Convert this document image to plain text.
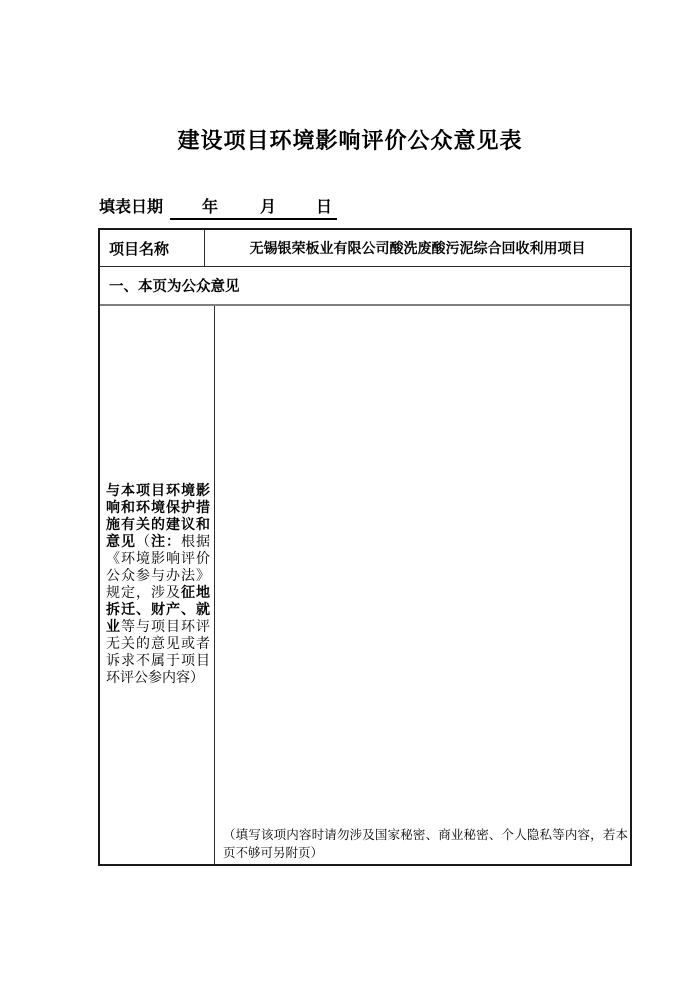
建设项目环境影响评价公众意见表
填表日期 年	月	日
项目名称	无锡银荣板业有限公司酸洗废酸污泥综合回收利用项目
一、本页为公众意见

与本项目环境影响和环境保护措施有关的建议和意见（注：根据《环境影响评价公众参与办法》规定，涉及征地拆迁、财产、就业等与项目环评无关的意见或者诉求不属于项目环评公参内容）

（填写该项内容时请勿涉及国家秘密、商业秘密、个人隐私等内容，若本页不够可另附页）
